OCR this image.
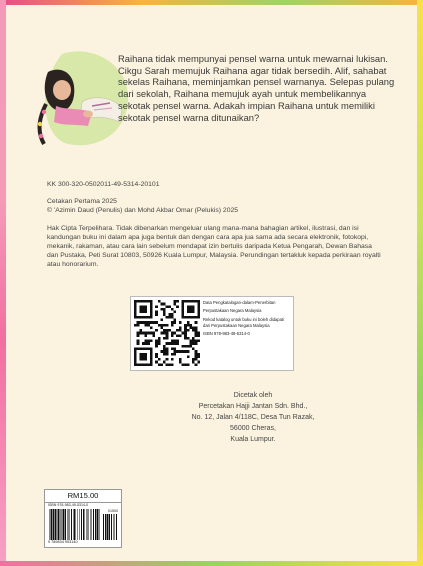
Raihana tidak mempunyai pensel warna untuk mewarnai lukisan. Cikgu Sarah memujuk Raihana agar tidak bersedih. Alif, sahabat sekelas Raihana, meminjamkan pensel warnanya. Selepas pulang dari sekolah, Raihana memujuk ayah untuk membelikannya sekotak pensel warna. Adakah impian Raihana untuk memiliki sekotak pensel warna ditunaikan?

KK 300-320-0502011-49-5314-20101
Cetakan Pertama 2025
© 'Azimin Daud (Penulis) dan Mohd Akbar Omar (Pelukis) 2025
Hak Cipta Terpelihara. Tidak dibenarkan mengeluar ulang mana-mana bahagian artikel, ilustrasi, dan isi kandungan buku ini dalam apa juga bentuk dan dengan cara apa jua sama ada secara elektronik, fotokopi, mekanik, rakaman, atau cara lain sebelum mendapat izin bertulis daripada Ketua Pengarah, Dewan Bahasa dan Pustaka, Peti Surat 10803, 50926 Kuala Lumpur, Malaysia. Perundingan tertakluk kepada perkiraan royalti atau honorarium.
Data Pengkatalogan-dalam-Penerbitan
Perpustakaan Negara Malaysia
Rekod katalog untuk buku ini boleh didapati dari Perpustakaan Negara Malaysia
ISBN 978-983-49-5314-0
Dicetak oleh
Percetakan Hajji Jantan Sdn. Bhd.,
No. 12, Jalan 4/118C, Desa Tun Razak,
56000 Cheras,
Kuala Lumpur.
RM15.00
ISBN 978-983-49-5314-0
01500
9 789834 953140
